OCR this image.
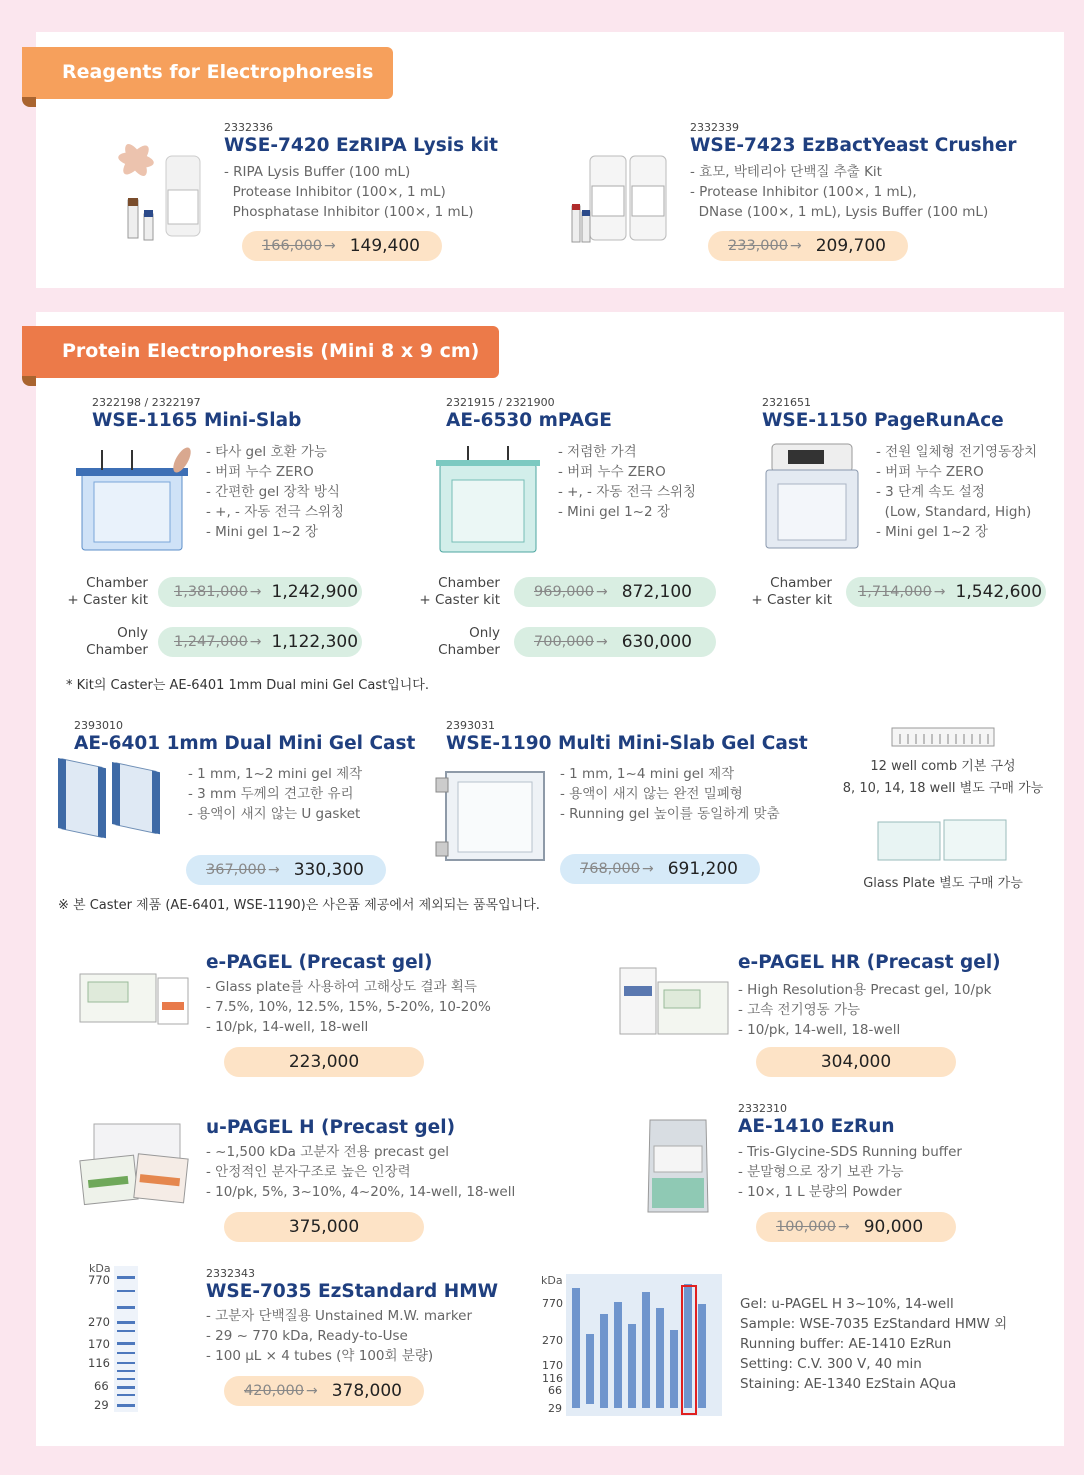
Reagents for Electrophoresis
2332336
WSE-7420 EzRIPA Lysis kit
- RIPA Lysis Buffer (100 mL)
Protease Inhibitor (100×, 1 mL)
Phosphatase Inhibitor (100×, 1 mL)
166,000 → 149,400
2332339
WSE-7423 EzBactYeast Crusher
- 효모, 박테리아 단백질 추출 Kit
- Protease Inhibitor (100×, 1 mL),
DNase (100×, 1 mL), Lysis Buffer (100 mL)
233,000 → 209,700
Protein Electrophoresis (Mini 8 x 9 cm)
2322198 / 2322197
WSE-1165 Mini-Slab
- 타사 gel 호환 가능
- 버퍼 누수 ZERO
- 간편한 gel 장착 방식
- +, - 자동 전극 스위칭
- Mini gel 1~2 장
Chamber
+ Caster kit 1,381,000 → 1,242,900
Only
Chamber 1,247,000 → 1,122,300
2321915 / 2321900
AE-6530 mPAGE
- 저렴한 가격
- 버퍼 누수 ZERO
- +, - 자동 전극 스위칭
- Mini gel 1~2 장
Chamber
+ Caster kit 969,000 → 872,100
Only
Chamber 700,000 → 630,000
2321651
WSE-1150 PageRunAce
- 전원 일체형 전기영동장치
- 버퍼 누수 ZERO
- 3 단계 속도 설정
(Low, Standard, High)
- Mini gel 1~2 장
Chamber
+ Caster kit 1,714,000 → 1,542,600
* Kit의 Caster는 AE-6401 1mm Dual mini Gel Cast입니다.
2393010
AE-6401 1mm Dual Mini Gel Cast
- 1 mm, 1~2 mini gel 제작
- 3 mm 두께의 견고한 유리
- 용액이 새지 않는 U gasket
367,000 → 330,300
2393031
WSE-1190 Multi Mini-Slab Gel Cast
- 1 mm, 1~4 mini gel 제작
- 용액이 새지 않는 완전 밀폐형
- Running gel 높이를 동일하게 맞춤
768,000 → 691,200
12 well comb 기본 구성
8, 10, 14, 18 well 별도 구매 가능
Glass Plate 별도 구매 가능
※ 본 Caster 제품 (AE-6401, WSE-1190)은 사은품 제공에서 제외되는 품목입니다.
e-PAGEL (Precast gel)
- Glass plate를 사용하여 고해상도 결과 획득
- 7.5%, 10%, 12.5%, 15%, 5-20%, 10-20%
- 10/pk, 14-well, 18-well
223,000
e-PAGEL HR (Precast gel)
- High Resolution용 Precast gel, 10/pk
- 고속 전기영동 가능
- 10/pk, 14-well, 18-well
304,000
u-PAGEL H (Precast gel)
- ~1,500 kDa 고분자 전용 precast gel
- 안정적인 분자구조로 높은 인장력
- 10/pk, 5%, 3~10%, 4~20%, 14-well, 18-well
375,000
2332310
AE-1410 EzRun
- Tris-Glycine-SDS Running buffer
- 분말형으로 장기 보관 가능
- 10×, 1 L 분량의 Powder
100,000 → 90,000
kDa
770
270
170
116
66
29
2332343
WSE-7035 EzStandard HMW
- 고분자 단백질용 Unstained M.W. marker
- 29 ~ 770 kDa, Ready-to-Use
- 100 μL × 4 tubes (약 100회 분량)
420,000 → 378,000
kDa
770
270
170
116
66
29
Gel: u-PAGEL H 3~10%, 14-well
Sample: WSE-7035 EzStandard HMW 외
Running buffer: AE-1410 EzRun
Setting: C.V. 300 V, 40 min
Staining: AE-1340 EzStain AQua
